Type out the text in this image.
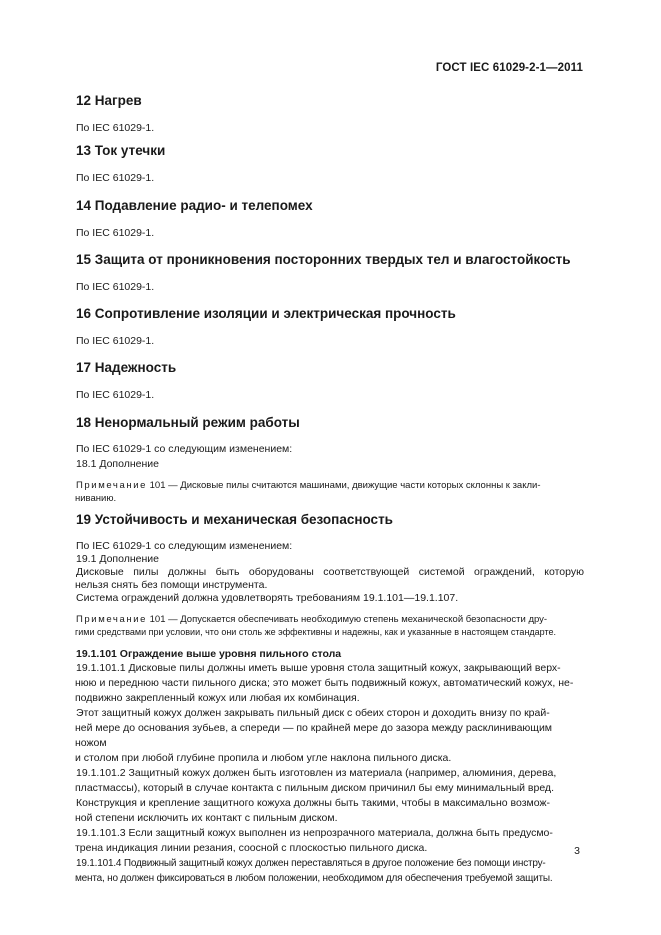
ГОСТ IEC 61029-2-1—2011

12 Нагрев

По IEC 61029-1.

13 Ток утечки

По IEC 61029-1.

14 Подавление радио- и телепомех

По IEC 61029-1.

15 Защита от проникновения посторонних твердых тел и влагостойкость

По IEC 61029-1.

16 Сопротивление изоляции и электрическая прочность

По IEC 61029-1.

17 Надежность

По IEC 61029-1.

18 Ненормальный режим работы

По IEC 61029-1 со следующим изменением:

18.1 Дополнение

Примечание 101 — Дисковые пилы считаются машинами, движущие части которых склонны к закли-

ниванию.

19 Устойчивость и механическая безопасность

По IEC 61029-1 со следующим изменением:

19.1 Дополнение

Дисковые пилы должны быть оборудованы соответствующей системой ограждений, которую

нельзя снять без помощи инструмента.

Система ограждений должна удовлетворять требованиям 19.1.101—19.1.107.

Примечание 101 — Допускается обеспечивать необходимую степень механической безопасности дру-

гими средствами при условии, что они столь же эффективны и надежны, как и указанные в настоящем стандарте.

19.1.101 Ограждение выше уровня пильного стола

19.1.101.1 Дисковые пилы должны иметь выше уровня стола защитный кожух, закрывающий верх-

нюю и переднюю части пильного диска; это может быть подвижный кожух, автоматический кожух, не-

подвижно закрепленный кожух или любая их комбинация.

Этот защитный кожух должен закрывать пильный диск с обеих сторон и доходить внизу по край-

ней мере до основания зубьев, а спереди — по крайней мере до зазора между расклинивающим ножом

и столом при любой глубине пропила и любом угле наклона пильного диска.

19.1.101.2 Защитный кожух должен быть изготовлен из материала (например, алюминия, дерева,

пластмассы), который в случае контакта с пильным диском причинил бы ему минимальный вред.

Конструкция и крепление защитного кожуха должны быть такими, чтобы в максимально возмож-

ной степени исключить их контакт с пильным диском.

19.1.101.3 Если защитный кожух выполнен из непрозрачного материала, должна быть предусмо-

трена индикация линии резания, соосной с плоскостью пильного диска.

19.1.101.4 Подвижный защитный кожух должен переставляться в другое положение без помощи инстру-

мента, но должен фиксироваться в любом положении, необходимом для обеспечения требуемой защиты.

3
